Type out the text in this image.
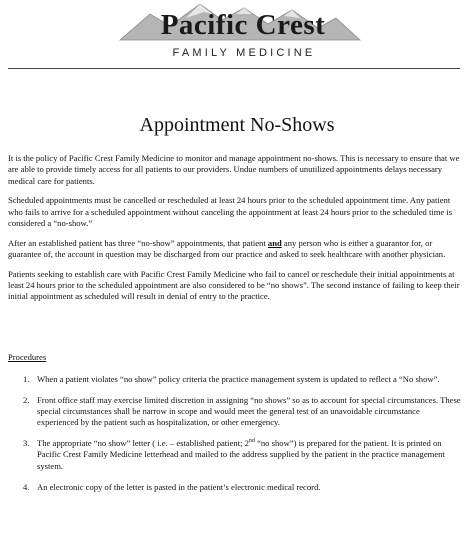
Pacific Crest
FAMILY MEDICINE
Appointment No-Shows

It is the policy of Pacific Crest Family Medicine to monitor and manage appointment no-shows. This is necessary to ensure that we are able to provide timely access for all patients to our providers. Undue numbers of unutilized appointments delays necessary medical care for patients.

Scheduled appointments must be cancelled or rescheduled at least 24 hours prior to the scheduled appointment time. Any patient who fails to arrive for a scheduled appointment without canceling the appointment at least 24 hours prior to the scheduled time is considered a “no-show.”

After an established patient has three “no-show” appointments, that patient and any person who is either a guarantor for, or guarantee of, the account in question may be discharged from our practice and asked to seek healthcare with another physician.

Patients seeking to establish care with Pacific Crest Family Medicine who fail to cancel or reschedule their initial appointments at least 24 hours prior to the scheduled appointment are also considered to be “no shows”. The second instance of failing to keep their initial appointment as scheduled will result in denial of entry to the practice.

Procedures
1. When a patient violates “no show” policy criteria the practice management system is updated to reflect a “No show”.
2. Front office staff may exercise limited discretion in assigning “no shows” so as to account for special circumstances. These special circumstances shall be narrow in scope and would meet the general test of an unavoidable circumstance experienced by the patient such as hospitalization, or other emergency.
3. The appropriate “no show” letter ( i.e. – established patient; 2nd “no show”) is prepared for the patient. It is printed on Pacific Crest Family Medicine letterhead and mailed to the address supplied by the patient in the practice management system.
4. An electronic copy of the letter is pasted in the patient’s electronic medical record.
